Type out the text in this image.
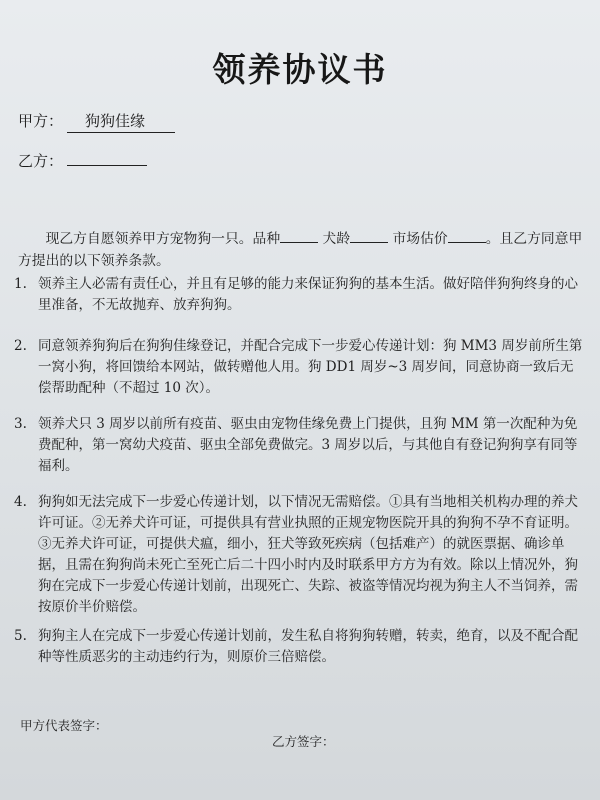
领养协议书
甲方： 狗狗佳缘
乙方：
现乙方自愿领养甲方宠物狗一只。品种	犬龄	市场估价	。且乙方同意甲方提出的以下领养条款。
1. 领养主人必需有责任心，并且有足够的能力来保证狗狗的基本生活。做好陪伴狗狗终身的心里准备，不无故抛弃、放弃狗狗。
2. 同意领养狗狗后在狗狗佳缘登记，并配合完成下一步爱心传递计划：狗 MM3 周岁前所生第一窝小狗，将回馈给本网站，做转赠他人用。狗 DD1 周岁~3 周岁间，同意协商一致后无偿帮助配种（不超过 10 次）。
3. 领养犬只 3 周岁以前所有疫苗、驱虫由宠物佳缘免费上门提供，且狗 MM 第一次配种为免费配种，第一窝幼犬疫苗、驱虫全部免费做完。3 周岁以后，与其他自有登记狗狗享有同等福利。
4. 狗狗如无法完成下一步爱心传递计划，以下情况无需赔偿。①具有当地相关机构办理的养犬许可证。②无养犬许可证，可提供具有营业执照的正规宠物医院开具的狗狗不孕不育证明。③无养犬许可证，可提供犬瘟，细小，狂犬等致死疾病（包括难产）的就医票据、确诊单据，且需在狗狗尚未死亡至死亡后二十四小时内及时联系甲方方为有效。除以上情况外，狗狗在完成下一步爱心传递计划前，出现死亡、失踪、被盗等情况均视为狗主人不当饲养，需按原价半价赔偿。
5. 狗狗主人在完成下一步爱心传递计划前，发生私自将狗狗转赠，转卖，绝育，以及不配合配种等性质恶劣的主动违约行为，则原价三倍赔偿。
甲方代表签字：
乙方签字：
